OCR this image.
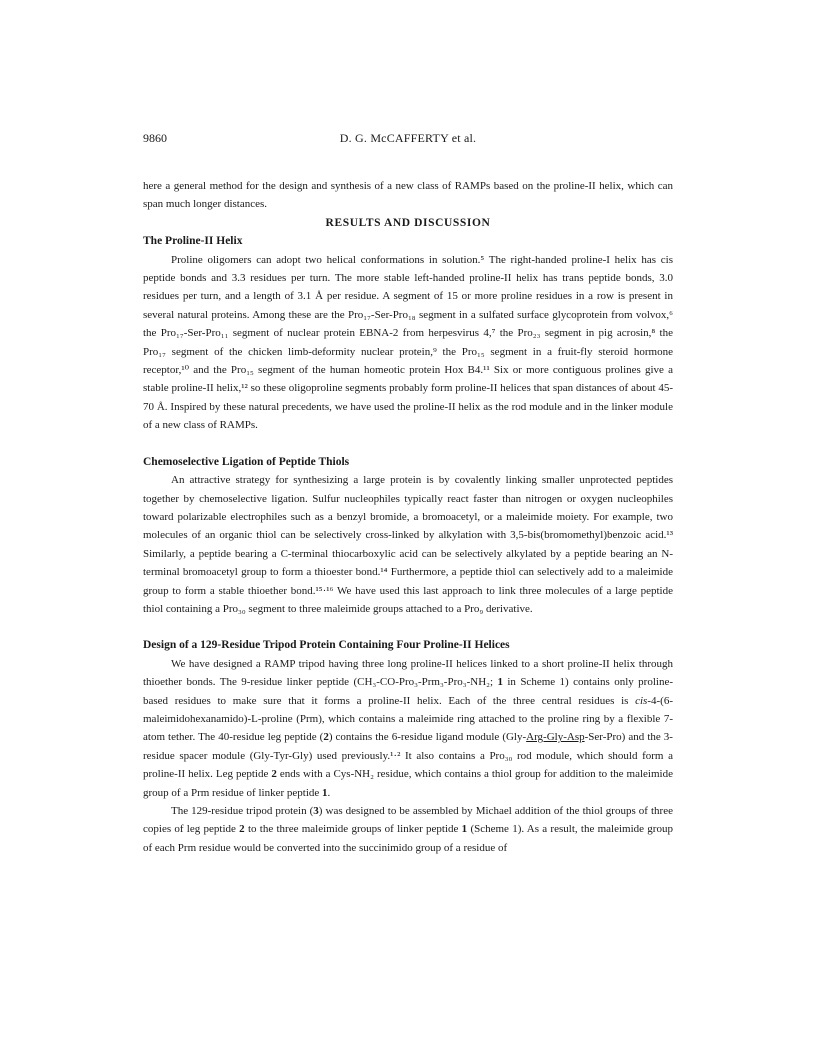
9860	D. G. McCAFFERTY et al.

here a general method for the design and synthesis of a new class of RAMPs based on the proline-II helix, which can span much longer distances.

RESULTS AND DISCUSSION

The Proline-II Helix

Proline oligomers can adopt two helical conformations in solution.⁵ The right-handed proline-I helix has cis peptide bonds and 3.3 residues per turn. The more stable left-handed proline-II helix has trans peptide bonds, 3.0 residues per turn, and a length of 3.1 Å per residue. A segment of 15 or more proline residues in a row is present in several natural proteins. Among these are the Pro₁₇-Ser-Pro₁₈ segment in a sulfated surface glycoprotein from volvox,⁶ the Pro₁₇-Ser-Pro₁₁ segment of nuclear protein EBNA-2 from herpesvirus 4,⁷ the Pro₂₃ segment in pig acrosin,⁸ the Pro₁₇ segment of the chicken limb-deformity nuclear protein,⁹ the Pro₁₅ segment in a fruit-fly steroid hormone receptor,¹⁰ and the Pro₁₅ segment of the human homeotic protein Hox B4.¹¹ Six or more contiguous prolines give a stable proline-II helix,¹² so these oligoproline segments probably form proline-II helices that span distances of about 45-70 Å. Inspired by these natural precedents, we have used the proline-II helix as the rod module and in the linker module of a new class of RAMPs.

Chemoselective Ligation of Peptide Thiols

An attractive strategy for synthesizing a large protein is by covalently linking smaller unprotected peptides together by chemoselective ligation. Sulfur nucleophiles typically react faster than nitrogen or oxygen nucleophiles toward polarizable electrophiles such as a benzyl bromide, a bromoacetyl, or a maleimide moiety. For example, two molecules of an organic thiol can be selectively cross-linked by alkylation with 3,5-bis(bromomethyl)benzoic acid.¹³ Similarly, a peptide bearing a C-terminal thiocarboxylic acid can be selectively alkylated by a peptide bearing an N-terminal bromoacetyl group to form a thioester bond.¹⁴ Furthermore, a peptide thiol can selectively add to a maleimide group to form a stable thioether bond.¹⁵·¹⁶ We have used this last approach to link three molecules of a large peptide thiol containing a Pro₃₀ segment to three maleimide groups attached to a Pro₉ derivative.

Design of a 129-Residue Tripod Protein Containing Four Proline-II Helices

We have designed a RAMP tripod having three long proline-II helices linked to a short proline-II helix through thioether bonds. The 9-residue linker peptide (CH₃-CO-Pro₃-Prm₃-Pro₃-NH₂; 1 in Scheme 1) contains only proline-based residues to make sure that it forms a proline-II helix. Each of the three central residues is cis-4-(6-maleimidohexanamido)-L-proline (Prm), which contains a maleimide ring attached to the proline ring by a flexible 7-atom tether. The 40-residue leg peptide (2) contains the 6-residue ligand module (Gly-Arg-Gly-Asp-Ser-Pro) and the 3-residue spacer module (Gly-Tyr-Gly) used previously.¹·² It also contains a Pro₃₀ rod module, which should form a proline-II helix. Leg peptide 2 ends with a Cys-NH₂ residue, which contains a thiol group for addition to the maleimide group of a Prm residue of linker peptide 1.

The 129-residue tripod protein (3) was designed to be assembled by Michael addition of the thiol groups of three copies of leg peptide 2 to the three maleimide groups of linker peptide 1 (Scheme 1). As a result, the maleimide group of each Prm residue would be converted into the succinimido group of a residue of
